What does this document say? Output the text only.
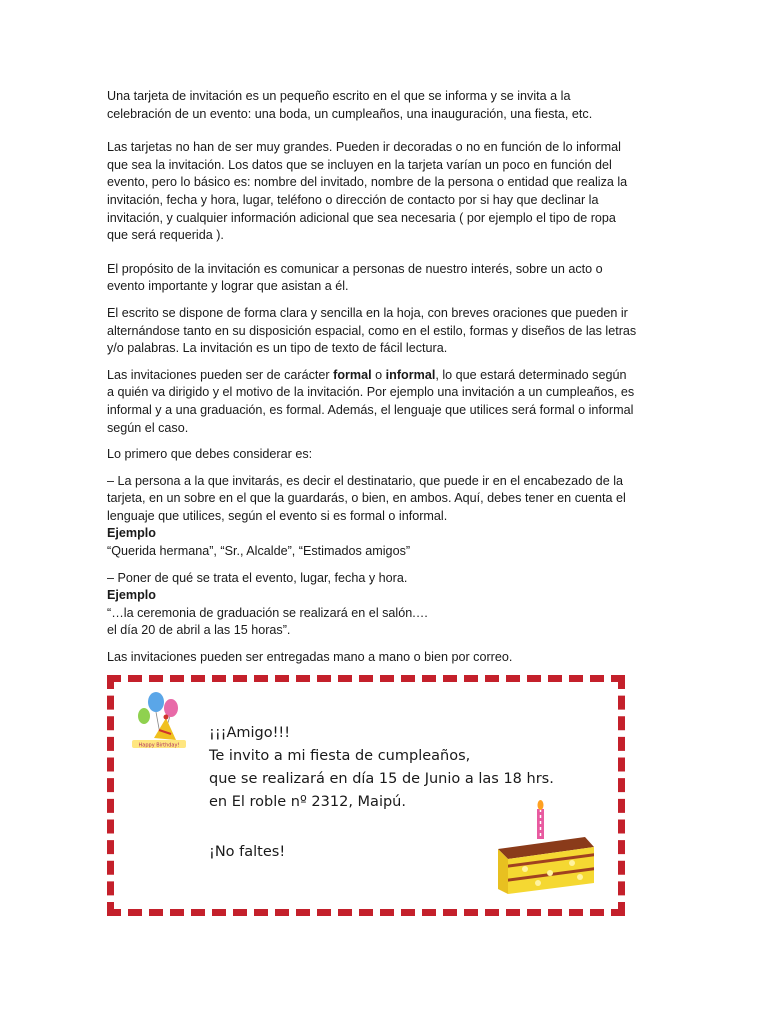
Una tarjeta de invitación es un pequeño escrito en el que se informa y se invita a la
celebración de un evento: una boda, un cumpleaños, una inauguración, una fiesta, etc.

Las tarjetas no han de ser muy grandes. Pueden ir decoradas o no en función de lo informal
que sea la invitación. Los datos que se incluyen en la tarjeta varían un poco en función del
evento, pero lo básico es: nombre del invitado, nombre de la persona o entidad que realiza la
invitación, fecha y hora, lugar, teléfono o dirección de contacto por si hay que declinar la
invitación, y cualquier información adicional que sea necesaria ( por ejemplo el tipo de ropa
que será requerida ).

El propósito de la invitación es comunicar a personas de nuestro interés, sobre un acto o
evento importante y lograr que asistan a él.

El escrito se dispone de forma clara y sencilla en la hoja, con breves oraciones que pueden ir
alternándose tanto en su disposición espacial, como en el estilo, formas y diseños de las letras
y/o palabras. La invitación es un tipo de texto de fácil lectura.

Las invitaciones pueden ser de carácter formal o informal, lo que estará determinado según
a quién va dirigido y el motivo de la invitación. Por ejemplo una invitación a un cumpleaños, es
informal y a una graduación, es formal. Además, el lenguaje que utilices será formal o informal
según el caso.

Lo primero que debes considerar es:

– La persona a la que invitarás, es decir el destinatario, que puede ir en el encabezado de la
tarjeta, en un sobre en el que la guardarás, o bien, en ambos. Aquí, debes tener en cuenta el
lenguaje que utilices, según el evento si es formal o informal.

Ejemplo

“Querida hermana”, “Sr., Alcalde”, “Estimados amigos”

– Poner de qué se trata el evento, lugar, fecha y hora.

Ejemplo

“…la ceremonia de graduación se realizará en el salón.…
el día 20 de abril a las 15 horas”.

Las invitaciones pueden ser entregadas mano a mano o bien por correo.

Happy Birthday!
¡¡¡Amigo!!!
Te invito a mi fiesta de cumpleaños,
que se realizará en día 15 de Junio a las 18 hrs.
en El roble nº 2312, Maipú.
¡No faltes!
